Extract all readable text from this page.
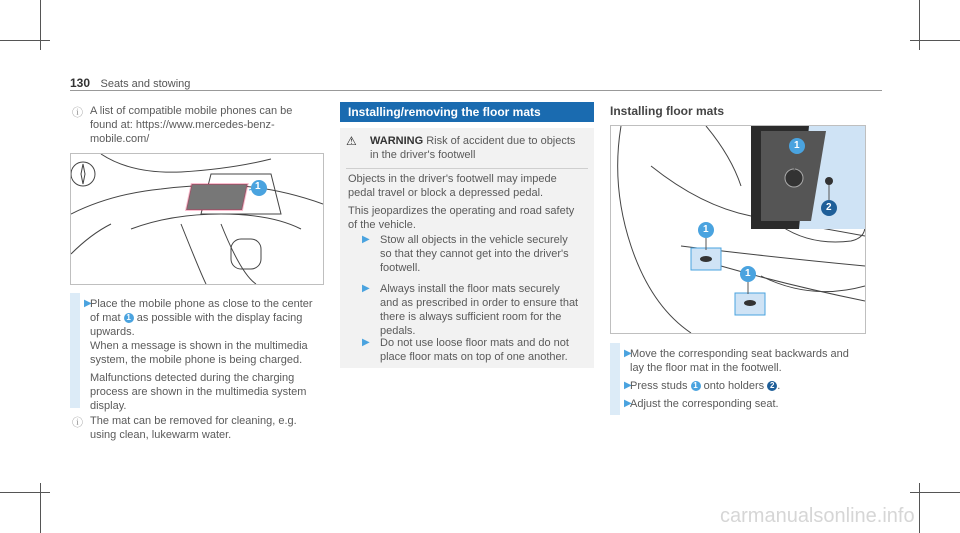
130 Seats and stowing
ⓘ A list of compatible mobile phones can be
found at: https://www.mercedes-benz-
mobile.com/
1
▶
Place the mobile phone as close to the center
of mat 1 as possible with the display facing
upwards.
When a message is shown in the multimedia
system, the mobile phone is being charged.
Malfunctions detected during the charging
process are shown in the multimedia system
display.
ⓘ The mat can be removed for cleaning, e.g.
using clean, lukewarm water.
Installing/removing the floor mats
⚠ WARNING Risk of accident due to objects
in the driver's footwell
Objects in the driver's footwell may impede
pedal travel or block a depressed pedal.
This jeopardizes the operating and road safety
of the vehicle.
▶ Stow all objects in the vehicle securely
so that they cannot get into the driver's
footwell.
▶ Always install the floor mats securely
and as prescribed in order to ensure that
there is always sufficient room for the
pedals.
▶ Do not use loose floor mats and do not
place floor mats on top of one another.
Installing floor mats
1
2
1
1
▶
Move the corresponding seat backwards and
lay the floor mat in the footwell.
▶
Press studs 1 onto holders 2 .
▶
Adjust the corresponding seat.
carmanualsonline.info
